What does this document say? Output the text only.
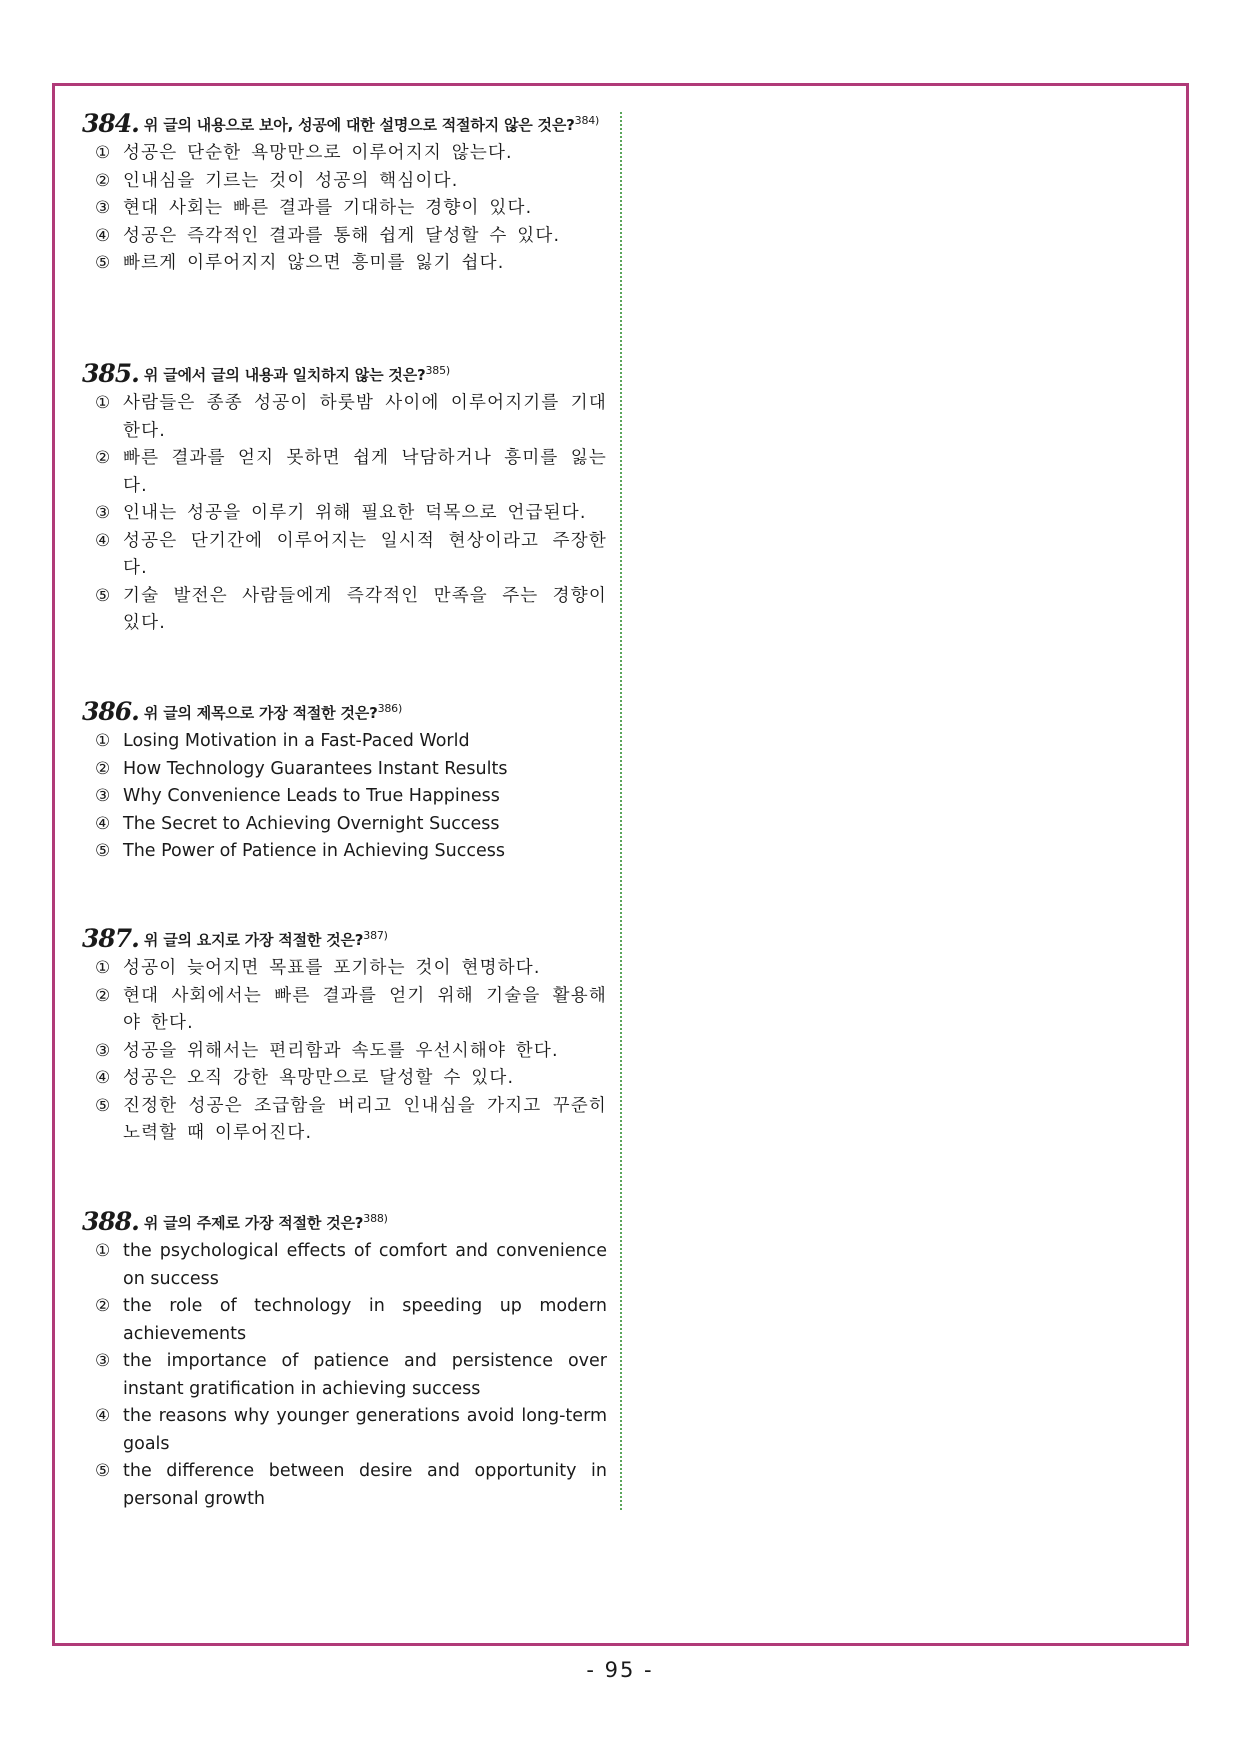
384. 위 글의 내용으로 보아, 성공에 대한 설명으로 적절하지 않은 것은?$^{384)}$
① 성공은 단순한 욕망만으로 이루어지지 않는다.
② 인내심을 기르는 것이 성공의 핵심이다.
③ 현대 사회는 빠른 결과를 기대하는 경향이 있다.
④ 성공은 즉각적인 결과를 통해 쉽게 달성할 수 있다.
⑤ 빠르게 이루어지지 않으면 흥미를 잃기 쉽다.
385. 위 글에서 글의 내용과 일치하지 않는 것은?$^{385)}$
① 사람들은 종종 성공이 하룻밤 사이에 이루어지기를 기대한다.
② 빠른 결과를 얻지 못하면 쉽게 낙담하거나 흥미를 잃는다.
③ 인내는 성공을 이루기 위해 필요한 덕목으로 언급된다.
④ 성공은 단기간에 이루어지는 일시적 현상이라고 주장한다.
⑤ 기술 발전은 사람들에게 즉각적인 만족을 주는 경향이 있다.
386. 위 글의 제목으로 가장 적절한 것은?$^{386)}$
① Losing Motivation in a Fast-Paced World
② How Technology Guarantees Instant Results
③ Why Convenience Leads to True Happiness
④ The Secret to Achieving Overnight Success
⑤ The Power of Patience in Achieving Success
387. 위 글의 요지로 가장 적절한 것은?$^{387)}$
① 성공이 늦어지면 목표를 포기하는 것이 현명하다.
② 현대 사회에서는 빠른 결과를 얻기 위해 기술을 활용해야 한다.
③ 성공을 위해서는 편리함과 속도를 우선시해야 한다.
④ 성공은 오직 강한 욕망만으로 달성할 수 있다.
⑤ 진정한 성공은 조급함을 버리고 인내심을 가지고 꾸준히 노력할 때 이루어진다.
388. 위 글의 주제로 가장 적절한 것은?$^{388)}$
① the psychological effects of comfort and convenience on success
② the role of technology in speeding up modern achievements
③ the importance of patience and persistence over instant gratification in achieving success
④ the reasons why younger generations avoid long-term goals
⑤ the difference between desire and opportunity in personal growth
- 95 -
